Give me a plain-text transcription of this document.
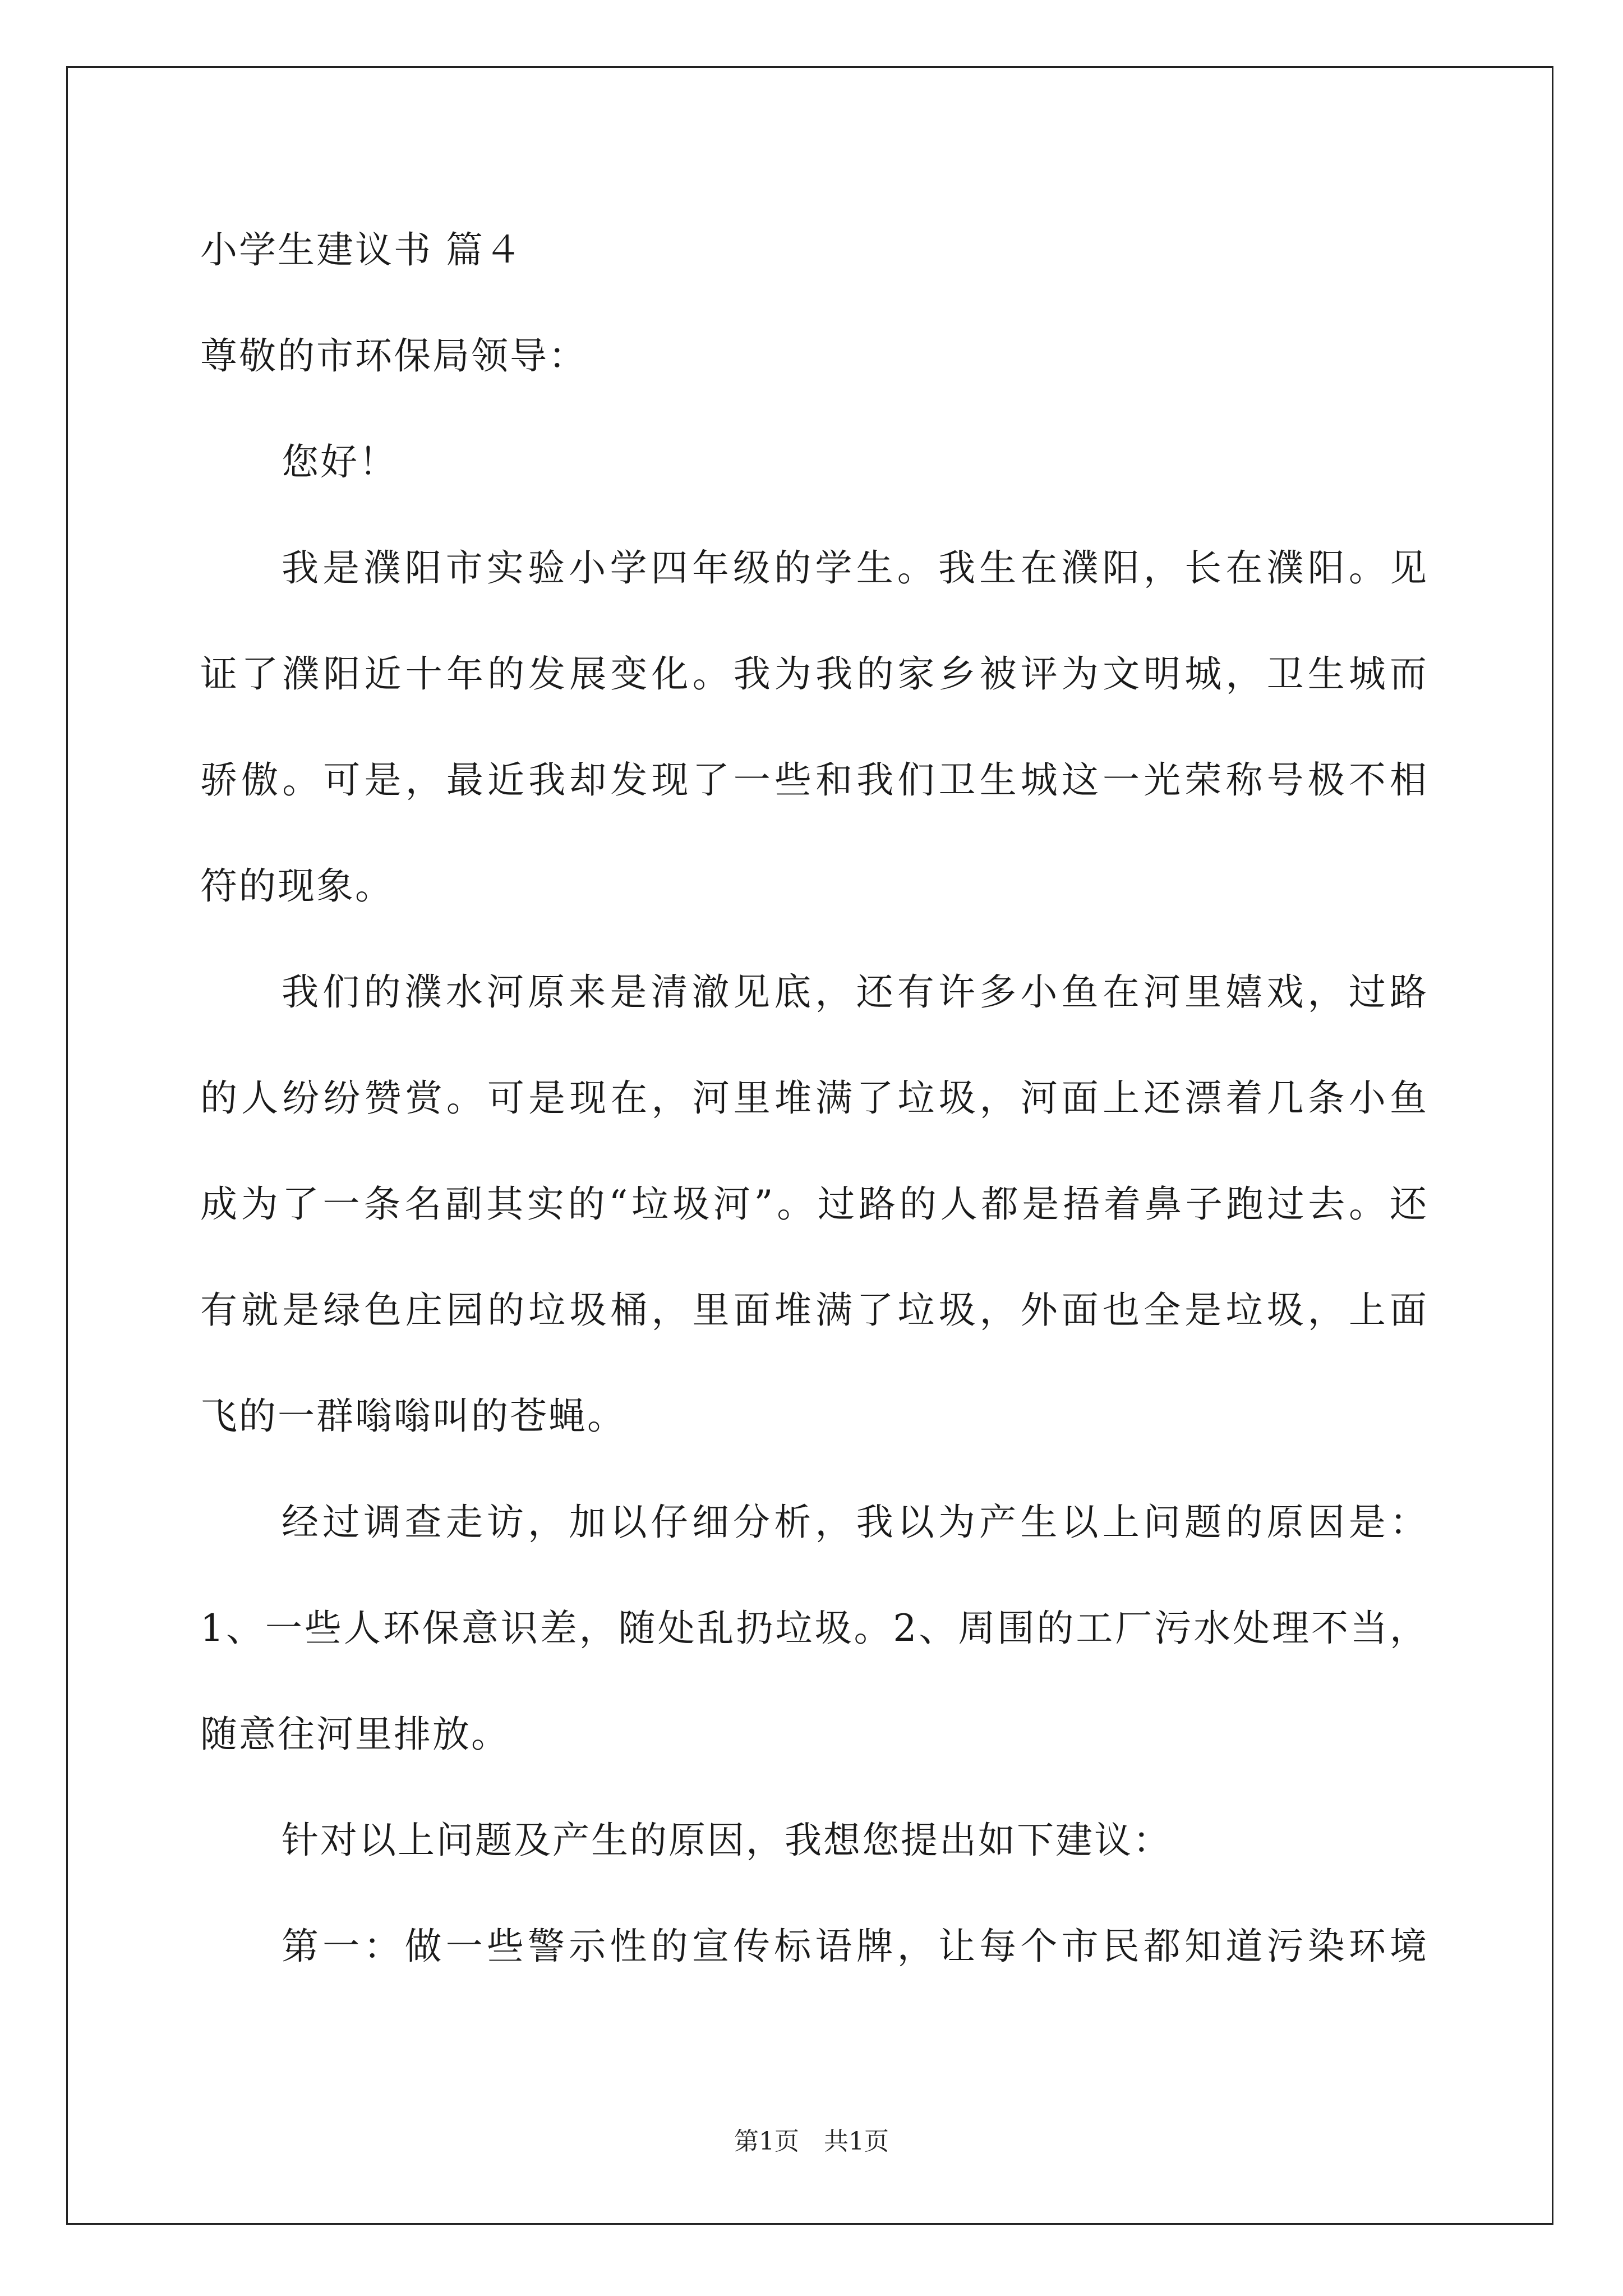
小学生建议书 篇４
尊敬的市环保局领导：
您好！
我是濮阳市实验小学四年级的学生。我生在濮阳，长在濮阳。见
证了濮阳近十年的发展变化。我为我的家乡被评为文明城，卫生城而
骄傲。可是，最近我却发现了一些和我们卫生城这一光荣称号极不相
符的现象。
我们的濮水河原来是清澈见底，还有许多小鱼在河里嬉戏，过路
的人纷纷赞赏。可是现在，河里堆满了垃圾，河面上还漂着几条小鱼
成为了一条名副其实的“垃圾河”。过路的人都是捂着鼻子跑过去。还
有就是绿色庄园的垃圾桶，里面堆满了垃圾，外面也全是垃圾，上面
飞的一群嗡嗡叫的苍蝇。
经过调查走访，加以仔细分析，我以为产生以上问题的原因是：
1、一些人环保意识差，随处乱扔垃圾。2、周围的工厂污水处理不当，
随意往河里排放。
针对以上问题及产生的原因，我想您提出如下建议：
第一：做一些警示性的宣传标语牌，让每个市民都知道污染环境
第1页　共1页
